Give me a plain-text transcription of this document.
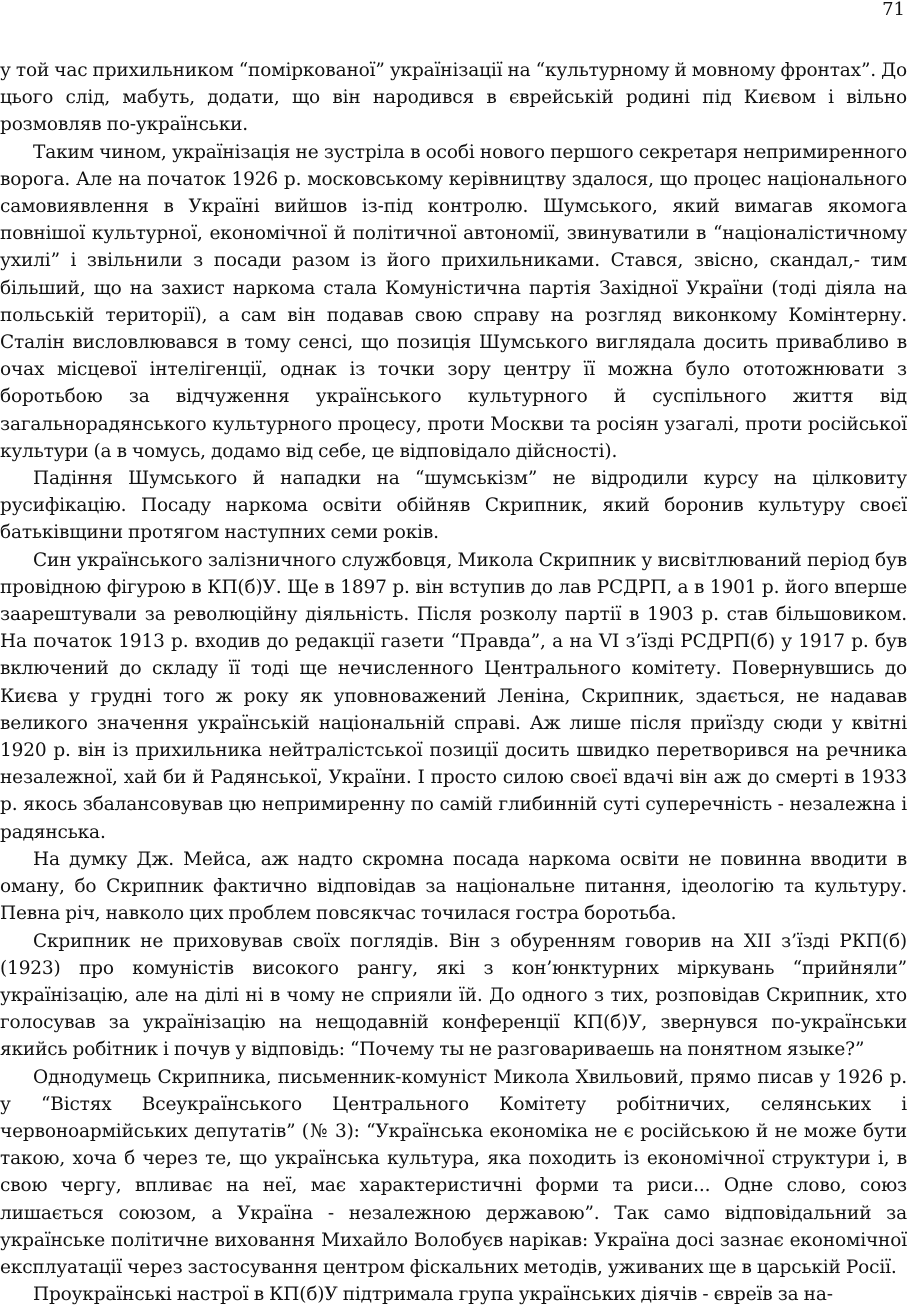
71

у той час прихильником “поміркованої” українізації на “культурному й мовному фронтах”. До цього слід, мабуть, додати, що він народився в єврейській родині під Києвом і вільно розмовляв по-українськи.

Таким чином, українізація не зустріла в особі нового першого секретаря непримиренного ворога. Але на початок 1926 р. московському керівництву здалося, що процес національного самовиявлення в Україні вийшов із-під контролю. Шумського, який вимагав якомога повнішої культурної, економічної й політичної автономії, звинуватили в “націоналістичному ухилі” і звільнили з посади разом із його прихильниками. Стався, звісно, скандал,- тим більший, що на захист наркома стала Комуністична партія Західної України (тоді діяла на польській території), а сам він подавав свою справу на розгляд виконкому Комінтерну. Сталін висловлювався в тому сенсі, що позиція Шумського виглядала досить привабливо в очах місцевої інтелігенції, однак із точки зору центру її можна було ототожнювати з боротьбою за відчуження українського культурного й суспільного життя від загальнорадянського культурного процесу, проти Москви та росіян узагалі, проти російської культури (а в чомусь, додамо від себе, це відповідало дійсності).

Падіння Шумського й нападки на “шумськізм” не відродили курсу на цілковиту русифікацію. Посаду наркома освіти обійняв Скрипник, який боронив культуру своєї батьківщини протягом наступних семи років.

Син українського залізничного службовця, Микола Скрипник у висвітлюваний період був провідною фігурою в КП(б)У. Ще в 1897 р. він вступив до лав РСДРП, а в 1901 р. його вперше заарештували за революційну діяльність. Після розколу партії в 1903 р. став більшовиком. На початок 1913 р. входив до редакції газети “Правда”, а на VI з’їзді РСДРП(б) у 1917 р. був включений до складу її тоді ще нечисленного Центрального комітету. Повернувшись до Києва у грудні того ж року як уповноважений Леніна, Скрипник, здається, не надавав великого значення українській національній справі. Аж лише після приїзду сюди у квітні 1920 р. він із прихильника нейтралістської позиції досить швидко перетворився на речника незалежної, хай би й Радянської, України. І просто силою своєї вдачі він аж до смерті в 1933 р. якось збалансовував цю непримиренну по самій глибинній суті суперечність - незалежна і радянська.

На думку Дж. Мейса, аж надто скромна посада наркома освіти не повинна вводити в оману, бо Скрипник фактично відповідав за національне питання, ідеологію та культуру. Певна річ, навколо цих проблем повсякчас точилася гостра боротьба.

Скрипник не приховував своїх поглядів. Він з обуренням говорив на XII з’їзді РКП(б) (1923) про комуністів високого рангу, які з кон’юнктурних міркувань “прийняли” українізацію, але на ділі ні в чому не сприяли їй. До одного з тих, розповідав Скрипник, хто голосував за українізацію на нещодавній конференції КП(б)У, звернувся по-українськи якийсь робітник і почув у відповідь: “Почему ты не разговариваешь на понятном языке?”

Однодумець Скрипника, письменник-комуніст Микола Хвильовий, прямо писав у 1926 р. у “Вістях Всеукраїнського Центрального Комітету робітничих, селянських і червоноармійських депутатів” (№ 3): “Українська економіка не є російською й не може бути такою, хоча б через те, що українська культура, яка походить із економічної структури і, в свою чергу, впливає на неї, має характеристичні форми та риси... Одне слово, союз лишається союзом, а Україна - незалежною державою”. Так само відповідальний за українське політичне виховання Михайло Волобуєв нарікав: Україна досі зазнає економічної експлуатації через застосування центром фіскальних методів, уживаних ще в царській Росії.

Проукраїнські настрої в КП(б)У підтримала група українських діячів - євреїв за на-
